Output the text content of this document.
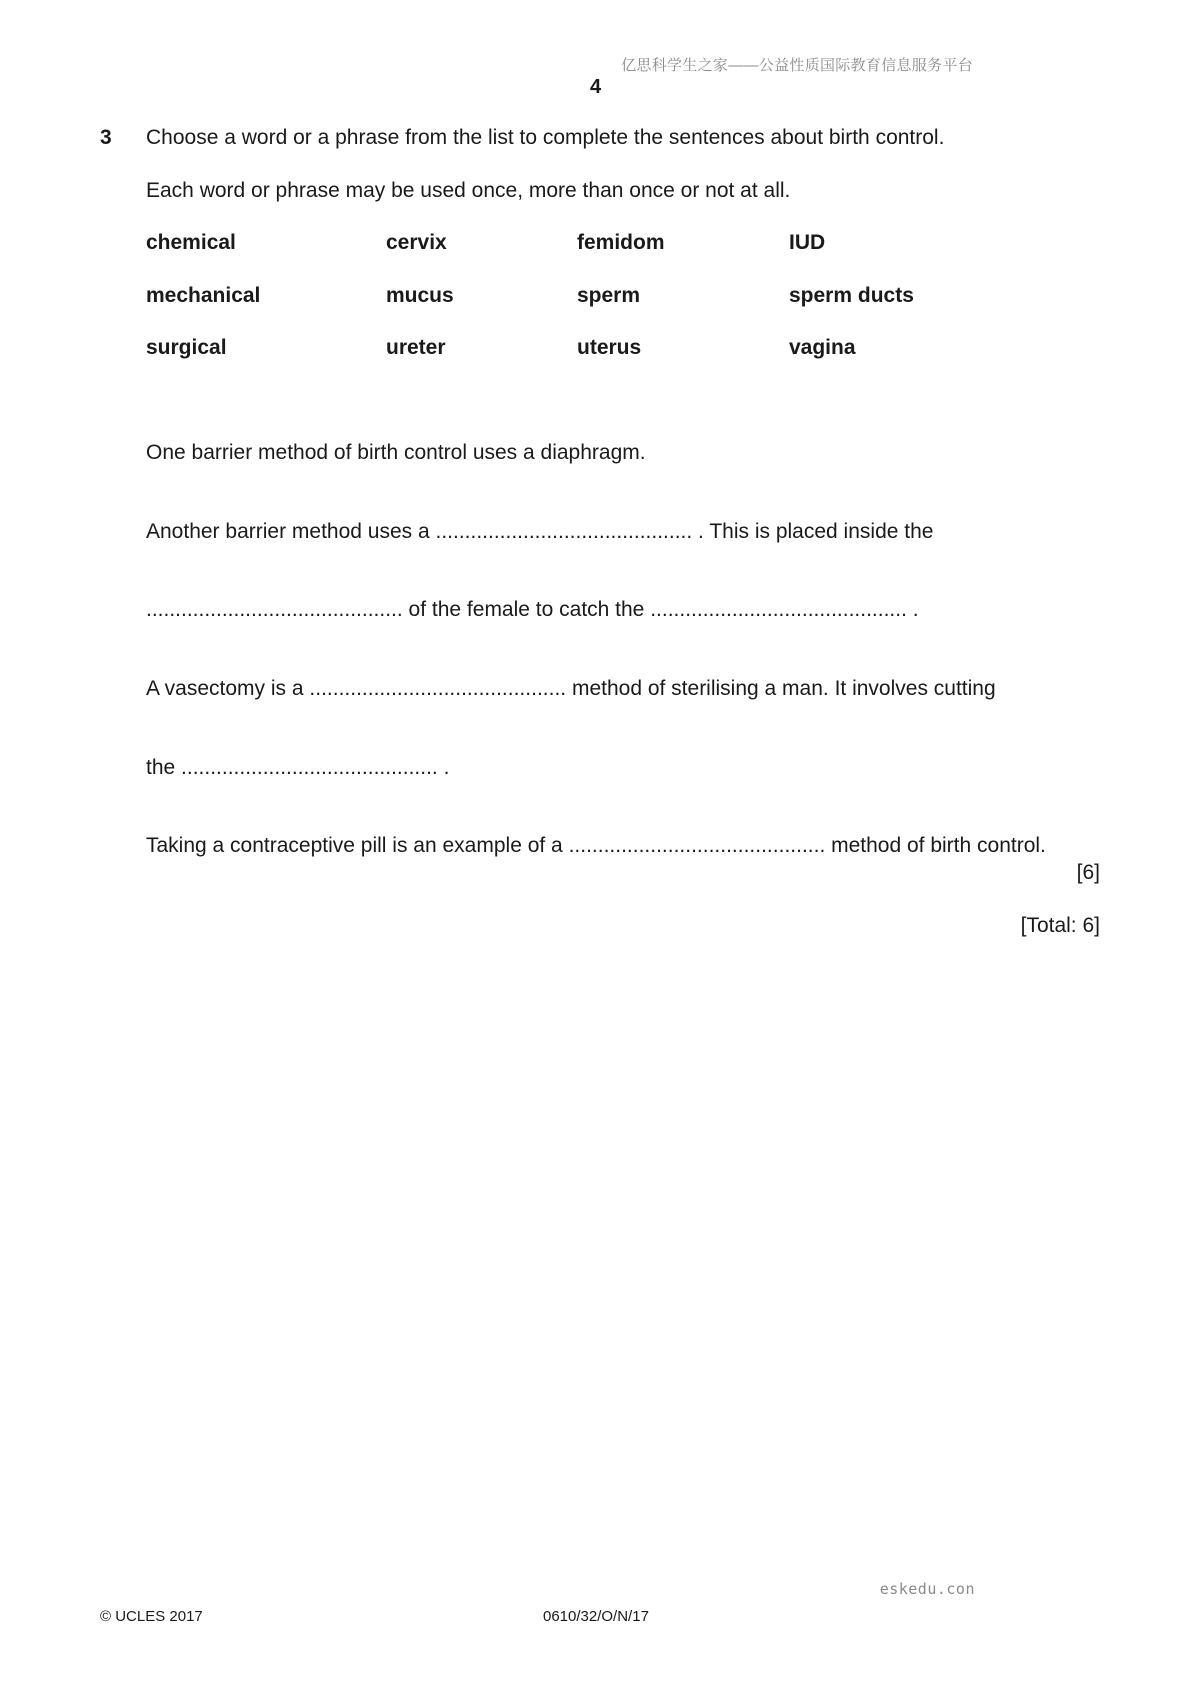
亿思科学生之家——公益性质国际教育信息服务平台
4
3 Choose a word or a phrase from the list to complete the sentences about birth control.
Each word or phrase may be used once, more than once or not at all.
chemical	cervix	femidom	IUD
mechanical	mucus	sperm	sperm ducts
surgical	ureter	uterus	vagina
One barrier method of birth control uses a diaphragm.
Another barrier method uses a ............................................ . This is placed inside the
............................................ of the female to catch the ............................................ .
A vasectomy is a ............................................ method of sterilising a man. It involves cutting
the ............................................ .
Taking a contraceptive pill is an example of a ............................................ method of birth control.
[6]
[Total: 6]
eskedu.con
© UCLES 2017	0610/32/O/N/17
